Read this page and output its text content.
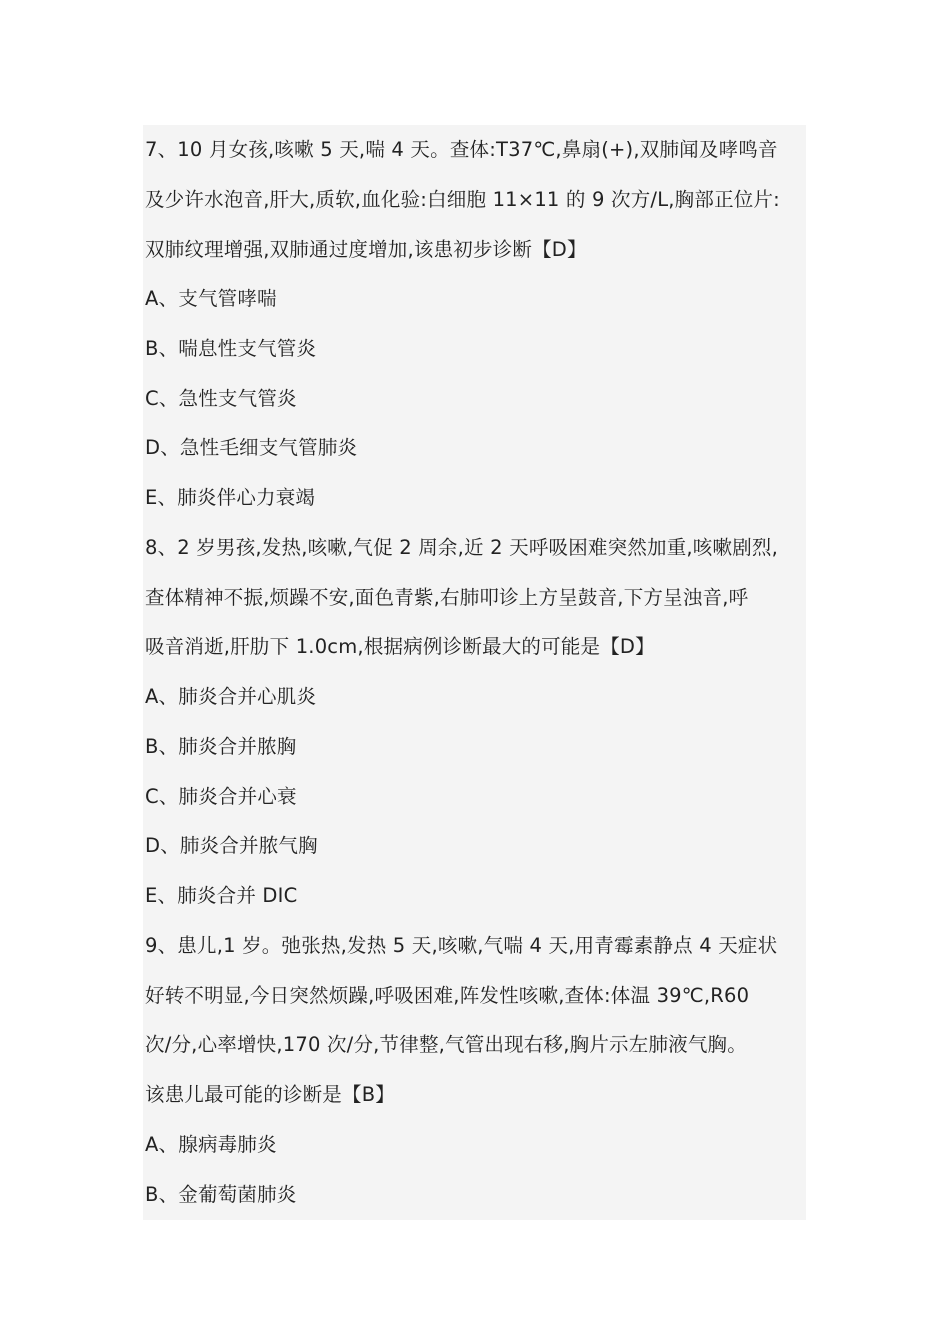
7、10 月女孩,咳嗽 5 天,喘 4 天。查体:T37℃,鼻扇(+),双肺闻及哮鸣音

及少许水泡音,肝大,质软,血化验:白细胞 11×11 的 9 次方/L,胸部正位片:

双肺纹理增强,双肺通过度增加,该患初步诊断【D】

A、支气管哮喘

B、喘息性支气管炎

C、急性支气管炎

D、急性毛细支气管肺炎

E、肺炎伴心力衰竭

8、2 岁男孩,发热,咳嗽,气促 2 周余,近 2 天呼吸困难突然加重,咳嗽剧烈,

查体精神不振,烦躁不安,面色青紫,右肺叩诊上方呈鼓音,下方呈浊音,呼

吸音消逝,肝肋下 1.0cm,根据病例诊断最大的可能是【D】

A、肺炎合并心肌炎

B、肺炎合并脓胸

C、肺炎合并心衰

D、肺炎合并脓气胸

E、肺炎合并 DIC

9、患儿,1 岁。弛张热,发热 5 天,咳嗽,气喘 4 天,用青霉素静点 4 天症状

好转不明显,今日突然烦躁,呼吸困难,阵发性咳嗽,查体:体温 39℃,R60

次/分,心率增快,170 次/分,节律整,气管出现右移,胸片示左肺液气胸。

该患儿最可能的诊断是【B】

A、腺病毒肺炎

B、金葡萄菌肺炎
